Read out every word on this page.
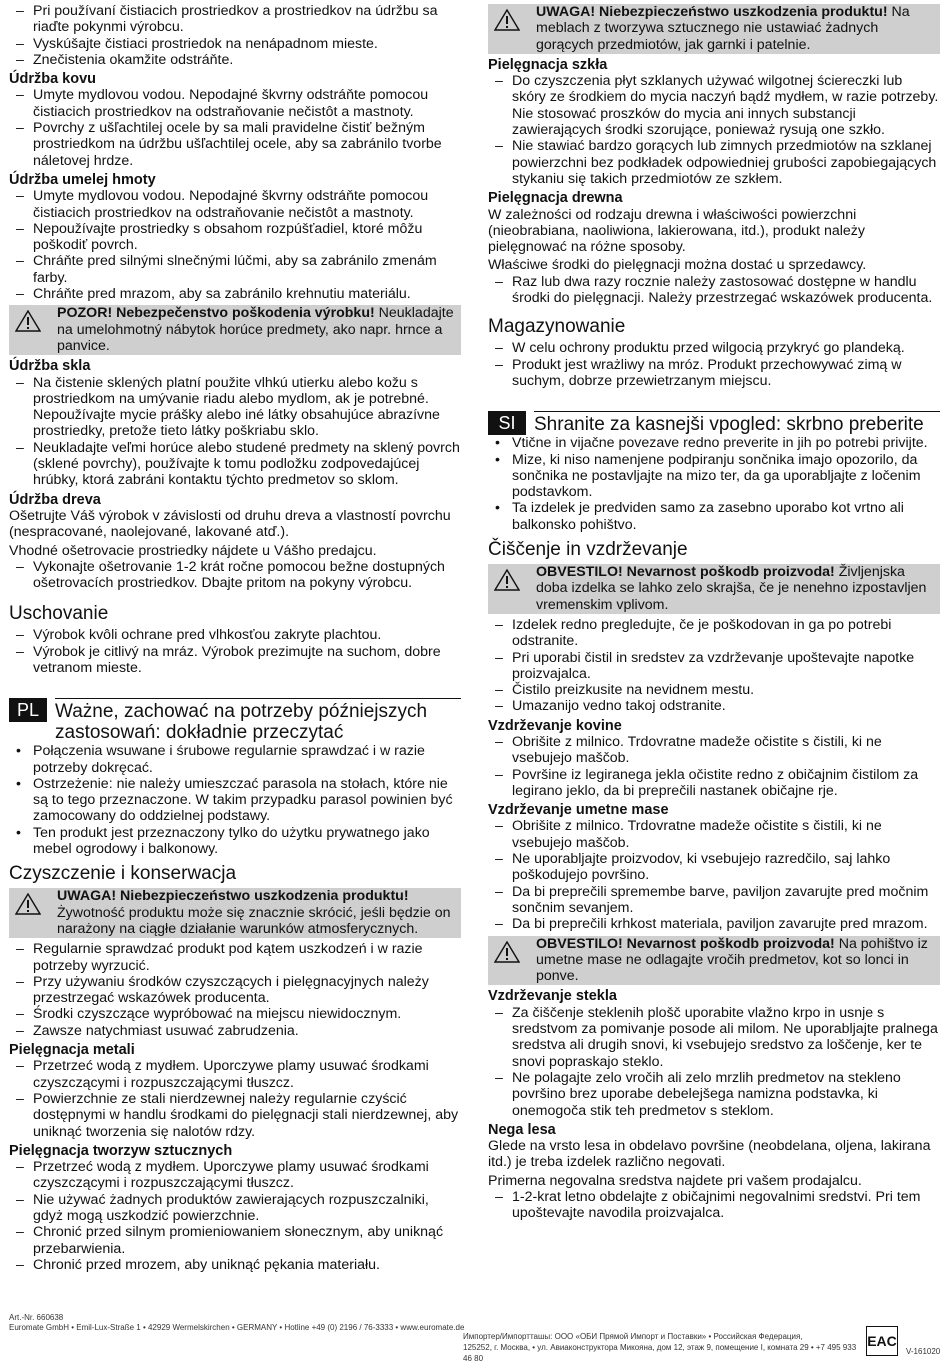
– Pri používaní čistiacich prostriedkov a prostriedkov na údržbu sa riaďte pokynmi výrobcu.
– Vyskúšajte čistiaci prostriedok na nenápadnom mieste.
– Znečistenia okamžite odstráňte.
Údržba kovu
– Umyte mydlovou vodou. Nepodajné škvrny odstráňte pomocou čistiacich prostriedkov na odstraňovanie nečistôt a mastnoty.
– Povrchy z ušľachtilej ocele by sa mali pravidelne čistiť bežným prostriedkom na údržbu ušľachtilej ocele, aby sa zabránilo tvorbe náletovej hrdze.
Údržba umelej hmoty
– Umyte mydlovou vodou. Nepodajné škvrny odstráňte pomocou čistiacich prostriedkov na odstraňovanie nečistôt a mastnoty.
– Nepoužívajte prostriedky s obsahom rozpúšťadiel, ktoré môžu poškodiť povrch.
– Chráňte pred silnými slnečnými lúčmi, aby sa zabránilo zmenám farby.
– Chráňte pred mrazom, aby sa zabránilo krehnutiu materiálu.
POZOR! Nebezpečenstvo poškodenia výrobku! Neukladajte na umelohmotný nábytok horúce predmety, ako napr. hrnce a panvice.
Údržba skla
– Na čistenie sklených platní použite vlhkú utierku alebo kožu s prostriedkom na umývanie riadu alebo mydlom, ak je potrebné. Nepoužívajte mycie prášky alebo iné látky obsahujúce abrazívne prostriedky, pretože tieto látky poškriabu sklo.
– Neukladajte veľmi horúce alebo studené predmety na sklený povrch (sklené povrchy), používajte k tomu podložku zodpovedajúcej hrúbky, ktorá zabráni kontaktu týchto predmetov so sklom.
Údržba dreva
Ošetrujte Váš výrobok v závislosti od druhu dreva a vlastností povrchu (nespracované, naolejované, lakované atď.).
Vhodné ošetrovacie prostriedky nájdete u Vášho predajcu.
– Vykonajte ošetrovanie 1-2 krát ročne pomocou bežne dostupných ošetrovacích prostriedkov. Dbajte pritom na pokyny výrobcu.
Uschovanie
– Výrobok kvôli ochrane pred vlhkosťou zakryte plachtou.
– Výrobok je citlivý na mráz. Výrobok prezimujte na suchom, dobre vetranom mieste.
PL Ważne, zachować na potrzeby późniejszych zastosowań: dokładnie przeczytać
• Połączenia wsuwane i śrubowe regularnie sprawdzać i w razie potrzeby dokręcać.
• Ostrzeżenie: nie należy umieszczać parasola na stołach, które nie są to tego przeznaczone. W takim przypadku parasol powinien być zamocowany do oddzielnej podstawy.
• Ten produkt jest przeznaczony tylko do użytku prywatnego jako mebel ogrodowy i balkonowy.
Czyszczenie i konserwacja
UWAGA! Niebezpieczeństwo uszkodzenia produktu! Żywotność produktu może się znacznie skrócić, jeśli będzie on narażony na ciągłe działanie warunków atmosferycznych.
– Regularnie sprawdzać produkt pod kątem uszkodzeń i w razie potrzeby wyrzucić.
– Przy używaniu środków czyszczących i pielęgnacyjnych należy przestrzegać wskazówek producenta.
– Środki czyszczące wypróbować na miejscu niewidocznym.
– Zawsze natychmiast usuwać zabrudzenia.
Pielęgnacja metali
– Przetrzeć wodą z mydłem. Uporczywe plamy usuwać środkami czyszczącymi i rozpuszczającymi tłuszcz.
– Powierzchnie ze stali nierdzewnej należy regularnie czyścić dostępnymi w handlu środkami do pielęgnacji stali nierdzewnej, aby uniknąć tworzenia się nalotów rdzy.
Pielęgnacja tworzyw sztucznych
– Przetrzeć wodą z mydłem. Uporczywe plamy usuwać środkami czyszczącymi i rozpuszczającymi tłuszcz.
– Nie używać żadnych produktów zawierających rozpuszczalniki, gdyż mogą uszkodzić powierzchnie.
– Chronić przed silnym promieniowaniem słonecznym, aby uniknąć przebarwienia.
– Chronić przed mrozem, aby uniknąć pękania materiału.
UWAGA! Niebezpieczeństwo uszkodzenia produktu! Na meblach z tworzywa sztucznego nie ustawiać żadnych gorących przedmiotów, jak garnki i patelnie.
Pielęgnacja szkła
– Do czyszczenia płyt szklanych używać wilgotnej ściereczki lub skóry ze środkiem do mycia naczyń bądź mydłem, w razie potrzeby. Nie stosować proszków do mycia ani innych substancji zawierających środki szorujące, ponieważ rysują one szkło.
– Nie stawiać bardzo gorących lub zimnych przedmiotów na szklanej powierzchni bez podkładek odpowiedniej grubości zapobiegających stykaniu się takich przedmiotów ze szkłem.
Pielęgnacja drewna
W zależności od rodzaju drewna i właściwości powierzchni (nieobrabiana, naoliwiona, lakierowana, itd.), produkt należy pielęgnować na różne sposoby.
Właściwe środki do pielęgnacji można dostać u sprzedawcy.
– Raz lub dwa razy rocznie należy zastosować dostępne w handlu środki do pielęgnacji. Należy przestrzegać wskazówek producenta.
Magazynowanie
– W celu ochrony produktu przed wilgocią przykryć go plandeką.
– Produkt jest wrażliwy na mróz. Produkt przechowywać zimą w suchym, dobrze przewietrzanym miejscu.
SI Shranite za kasnejši vpogled: skrbno preberite
• Vtične in vijačne povezave redno preverite in jih po potrebi privijte.
• Mize, ki niso namenjene podpiranju sončnika imajo opozorilo, da sončnika ne postavljajte na mizo ter, da ga uporabljajte z ločenim podstavkom.
• Ta izdelek je predviden samo za zasebno uporabo kot vrtno ali balkonsko pohištvo.
Čiščenje in vzdrževanje
OBVESTILO! Nevarnost poškodb proizvoda! Življenjska doba izdelka se lahko zelo skrajša, če je nenehno izpostavljen vremenskim vplivom.
– Izdelek redno pregledujte, če je poškodovan in ga po potrebi odstranite.
– Pri uporabi čistil in sredstev za vzdrževanje upoštevajte napotke proizvajalca.
– Čistilo preizkusite na nevidnem mestu.
– Umazanijo vedno takoj odstranite.
Vzdrževanje kovine
– Obrišite z milnico. Trdovratne madeže očistite s čistili, ki ne vsebujejo maščob.
– Površine iz legiranega jekla očistite redno z običajnim čistilom za legirano jeklo, da bi preprečili nastanek običajne rje.
Vzdrževanje umetne mase
– Obrišite z milnico. Trdovratne madeže očistite s čistili, ki ne vsebujejo maščob.
– Ne uporabljajte proizvodov, ki vsebujejo razredčilo, saj lahko poškodujejo površino.
– Da bi preprečili spremembe barve, paviljon zavarujte pred močnim sončnim sevanjem.
– Da bi preprečili krhkost materiala, paviljon zavarujte pred mrazom.
OBVESTILO! Nevarnost poškodb proizvoda! Na pohištvo iz umetne mase ne odlagajte vročih predmetov, kot so lonci in ponve.
Vzdrževanje stekla
– Za čiščenje steklenih plošč uporabite vlažno krpo in usnje s sredstvom za pomivanje posode ali milom. Ne uporabljajte pralnega sredstva ali drugih snovi, ki vsebujejo sredstvo za loščenje, ker te snovi popraskajo steklo.
– Ne polagajte zelo vročih ali zelo mrzlih predmetov na stekleno površino brez uporabe debelejšega namizna podstavka, ki onemogoča stik teh predmetov s steklom.
Nega lesa
Glede na vrsto lesa in obdelavo površine (neobdelana, oljena, lakirana itd.) je treba izdelek različno negovati.
Primerna negovalna sredstva najdete pri vašem prodajalcu.
– 1-2-krat letno obdelajte z običajnimi negovalnimi sredstvi. Pri tem upoštevajte navodila proizvajalca.
Art.-Nr. 660638
Euromate GmbH • Emil-Lux-Straße 1 • 42929 Wermelskirchen • GERMANY • Hotline +49 (0) 2196 / 76-3333 • www.euromate.de
Импортер/Импортташы: ООО «ОБИ Прямой Импорт и Поставки» • Российская Федерация,
125252, г. Москва, • ул. Авиаконструктора Микояна, дом 12, этаж 9, помещение I, комната 29 • +7 495 933 46 80
EAC
V-161020
